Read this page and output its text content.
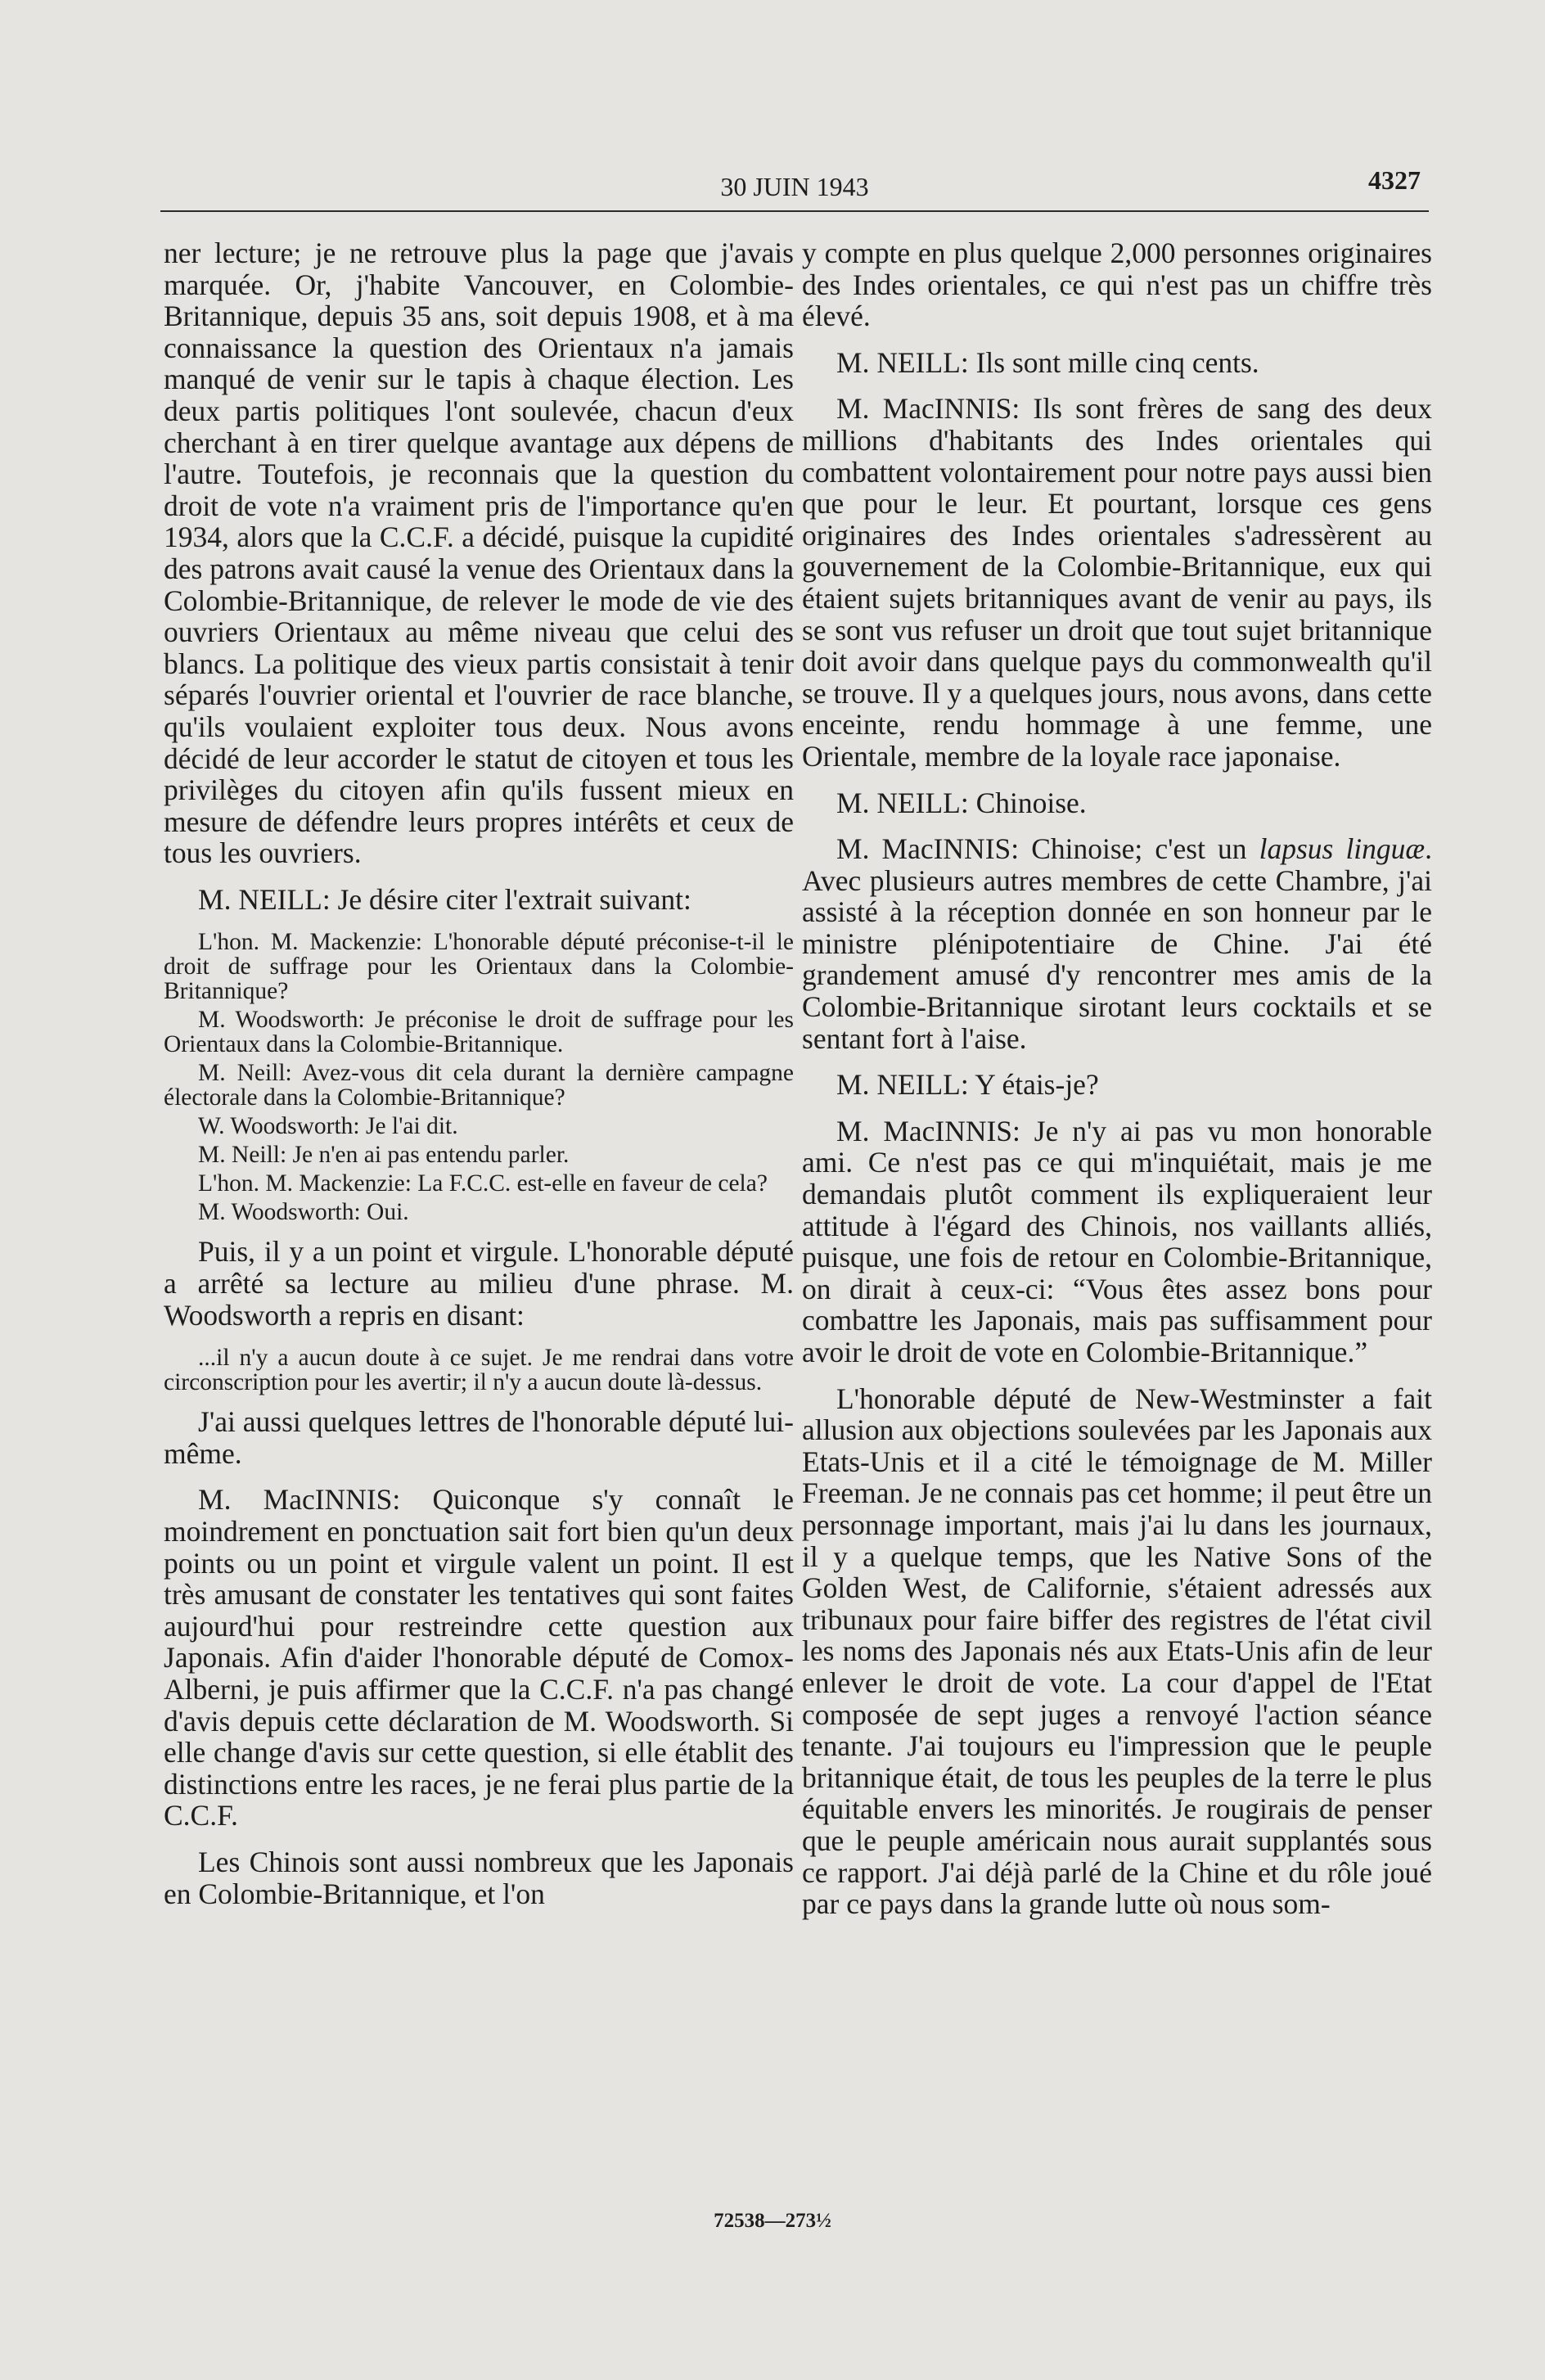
30 JUIN 1943	4327

ner lecture; je ne retrouve plus la page que j'avais marquée. Or, j'habite Vancouver, en Colombie-Britannique, depuis 35 ans, soit depuis 1908, et à ma connaissance la question des Orientaux n'a jamais manqué de venir sur le tapis à chaque élection. Les deux partis politiques l'ont soulevée, chacun d'eux cherchant à en tirer quelque avantage aux dépens de l'autre. Toutefois, je reconnais que la question du droit de vote n'a vraiment pris de l'importance qu'en 1934, alors que la C.C.F. a décidé, puisque la cupidité des patrons avait causé la venue des Orientaux dans la Colombie-Britannique, de relever le mode de vie des ouvriers Orientaux au même niveau que celui des blancs. La politique des vieux partis consistait à tenir séparés l'ouvrier oriental et l'ouvrier de race blanche, qu'ils voulaient exploiter tous deux. Nous avons décidé de leur accorder le statut de citoyen et tous les privilèges du citoyen afin qu'ils fussent mieux en mesure de défendre leurs propres intérêts et ceux de tous les ouvriers.

M. NEILL: Je désire citer l'extrait suivant:

L'hon. M. Mackenzie: L'honorable député préconise-t-il le droit de suffrage pour les Orientaux dans la Colombie-Britannique?

M. Woodsworth: Je préconise le droit de suffrage pour les Orientaux dans la Colombie-Britannique.

M. Neill: Avez-vous dit cela durant la dernière campagne électorale dans la Colombie-Britannique?

W. Woodsworth: Je l'ai dit.

M. Neill: Je n'en ai pas entendu parler.

L'hon. M. Mackenzie: La F.C.C. est-elle en faveur de cela?

M. Woodsworth: Oui.

Puis, il y a un point et virgule. L'honorable député a arrêté sa lecture au milieu d'une phrase. M. Woodsworth a repris en disant:

...il n'y a aucun doute à ce sujet. Je me rendrai dans votre circonscription pour les avertir; il n'y a aucun doute là-dessus.

J'ai aussi quelques lettres de l'honorable député lui-même.

M. MacINNIS: Quiconque s'y connaît le moindrement en ponctuation sait fort bien qu'un deux points ou un point et virgule valent un point. Il est très amusant de constater les tentatives qui sont faites aujourd'hui pour restreindre cette question aux Japonais. Afin d'aider l'honorable député de Comox-Alberni, je puis affirmer que la C.C.F. n'a pas changé d'avis depuis cette déclaration de M. Woodsworth. Si elle change d'avis sur cette question, si elle établit des distinctions entre les races, je ne ferai plus partie de la C.C.F.

Les Chinois sont aussi nombreux que les Japonais en Colombie-Britannique, et l'on

y compte en plus quelque 2,000 personnes originaires des Indes orientales, ce qui n'est pas un chiffre très élevé.

M. NEILL: Ils sont mille cinq cents.

M. MacINNIS: Ils sont frères de sang des deux millions d'habitants des Indes orientales qui combattent volontairement pour notre pays aussi bien que pour le leur. Et pourtant, lorsque ces gens originaires des Indes orientales s'adressèrent au gouvernement de la Colombie-Britannique, eux qui étaient sujets britanniques avant de venir au pays, ils se sont vus refuser un droit que tout sujet britannique doit avoir dans quelque pays du commonwealth qu'il se trouve. Il y a quelques jours, nous avons, dans cette enceinte, rendu hommage à une femme, une Orientale, membre de la loyale race japonaise.

M. NEILL: Chinoise.

M. MacINNIS: Chinoise; c'est un lapsus linguæ. Avec plusieurs autres membres de cette Chambre, j'ai assisté à la réception donnée en son honneur par le ministre plénipotentiaire de Chine. J'ai été grandement amusé d'y rencontrer mes amis de la Colombie-Britannique sirotant leurs cocktails et se sentant fort à l'aise.

M. NEILL: Y étais-je?

M. MacINNIS: Je n'y ai pas vu mon honorable ami. Ce n'est pas ce qui m'inquiétait, mais je me demandais plutôt comment ils expliqueraient leur attitude à l'égard des Chinois, nos vaillants alliés, puisque, une fois de retour en Colombie-Britannique, on dirait à ceux-ci: “Vous êtes assez bons pour combattre les Japonais, mais pas suffisamment pour avoir le droit de vote en Colombie-Britannique.”

L'honorable député de New-Westminster a fait allusion aux objections soulevées par les Japonais aux Etats-Unis et il a cité le témoignage de M. Miller Freeman. Je ne connais pas cet homme; il peut être un personnage important, mais j'ai lu dans les journaux, il y a quelque temps, que les Native Sons of the Golden West, de Californie, s'étaient adressés aux tribunaux pour faire biffer des registres de l'état civil les noms des Japonais nés aux Etats-Unis afin de leur enlever le droit de vote. La cour d'appel de l'Etat composée de sept juges a renvoyé l'action séance tenante. J'ai toujours eu l'impression que le peuple britannique était, de tous les peuples de la terre le plus équitable envers les minorités. Je rougirais de penser que le peuple américain nous aurait supplantés sous ce rapport. J'ai déjà parlé de la Chine et du rôle joué par ce pays dans la grande lutte où nous som-

72538—273½
